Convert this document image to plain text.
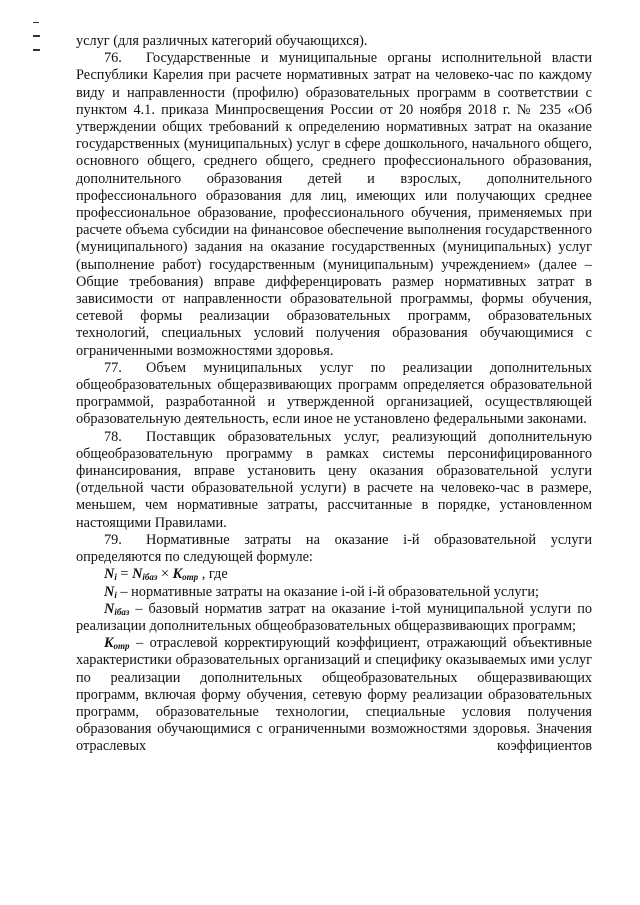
услуг (для различных категорий обучающихся).

76. Государственные и муниципальные органы исполнительной власти Республики Карелия при расчете нормативных затрат на человеко-час по каждому виду и направленности (профилю) образовательных программ в соответствии с пунктом 4.1. приказа Минпросвещения России от 20 ноября 2018 г. № 235 «Об утверждении общих требований к определению нормативных затрат на оказание государственных (муниципальных) услуг в сфере дошкольного, начального общего, основного общего, среднего общего, среднего профессионального образования, дополнительного образования детей и взрослых, дополнительного профессионального образования для лиц, имеющих или получающих среднее профессиональное образование, профессионального обучения, применяемых при расчете объема субсидии на финансовое обеспечение выполнения государственного (муниципального) задания на оказание государственных (муниципальных) услуг (выполнение работ) государственным (муниципальным) учреждением» (далее – Общие требования) вправе дифференцировать размер нормативных затрат в зависимости от направленности образовательной программы, формы обучения, сетевой формы реализации образовательных программ, образовательных технологий, специальных условий получения образования обучающимися с ограниченными возможностями здоровья.

77. Объем муниципальных услуг по реализации дополнительных общеобразовательных общеразвивающих программ определяется образовательной программой, разработанной и утвержденной организацией, осуществляющей образовательную деятельность, если иное не установлено федеральными законами.

78. Поставщик образовательных услуг, реализующий дополнительную общеобразовательную программу в рамках системы персонифицированного финансирования, вправе установить цену оказания образовательной услуги (отдельной части образовательной услуги) в расчете на человеко-час в размере, меньшем, чем нормативные затраты, рассчитанные в порядке, установленном настоящими Правилами.

79. Нормативные затраты на оказание i-й образовательной услуги определяются по следующей формуле:

$N_i = N_{iбаз} \times K_{отр}$ , где

$N_i$ – нормативные затраты на оказание i-ой i-й образовательной услуги;

$N_{iбаз}$ – базовый норматив затрат на оказание i-той муниципальной услуги по реализации дополнительных общеобразовательных общеразвивающих программ;

$K_{отр}$ – отраслевой корректирующий коэффициент, отражающий объективные характеристики образовательных организаций и специфику оказываемых ими услуг по реализации дополнительных общеобразовательных общеразвивающих программ, включая форму обучения, сетевую форму реализации образовательных программ, образовательные технологии, специальные условия получения образования обучающимися с ограниченными возможностями здоровья. Значения отраслевых коэффициентов
